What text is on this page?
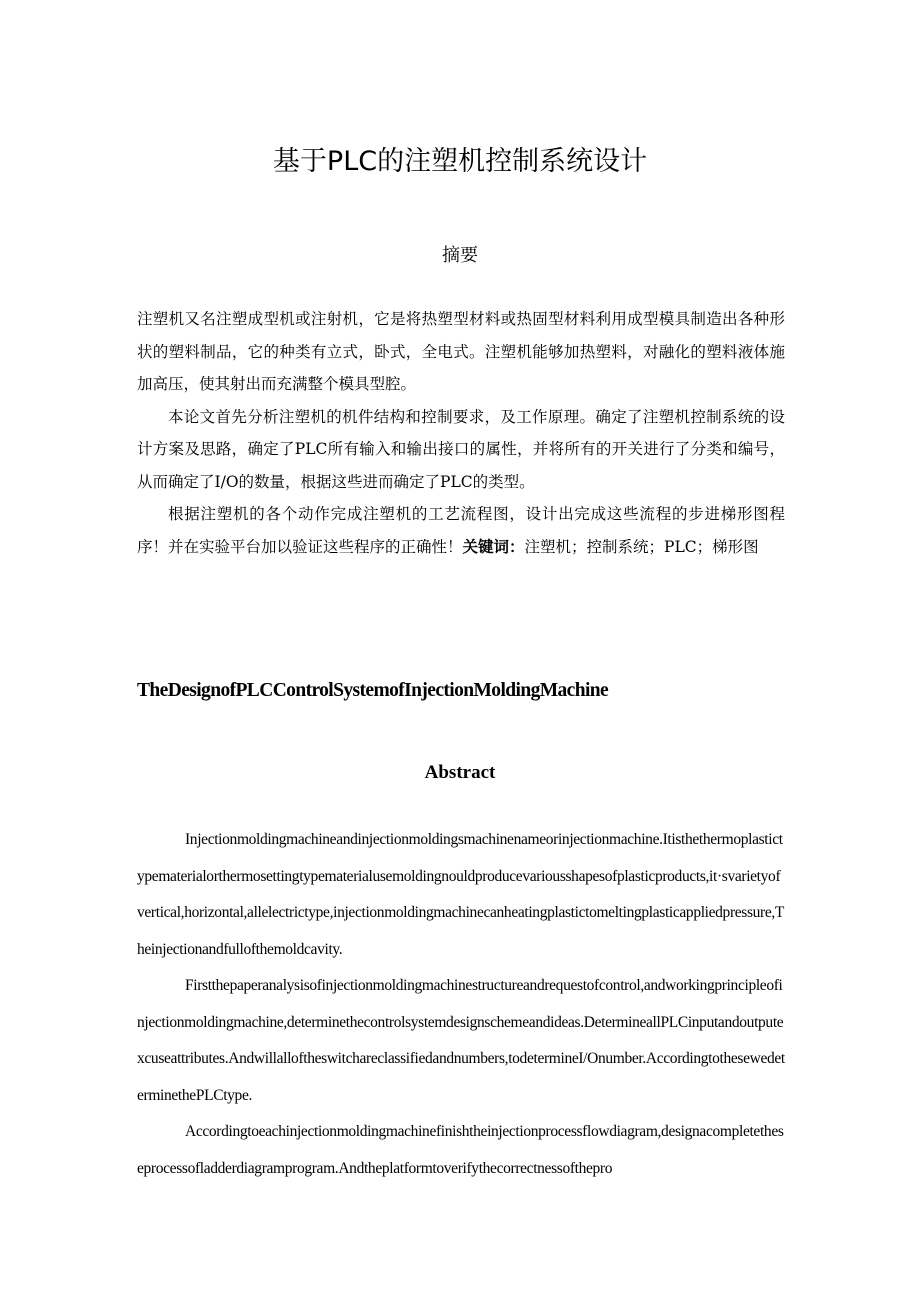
基于PLC的注塑机控制系统设计
摘要

注塑机又名注塑成型机或注射机，它是将热塑型材料或热固型材料利用成型模具制造出各种形状的塑料制品，它的种类有立式，卧式，全电式。注塑机能够加热塑料，对融化的塑料液体施加高压，使其射出而充满整个模具型腔。

本论文首先分析注塑机的机件结构和控制要求，及工作原理。确定了注塑机控制系统的设计方案及思路，确定了PLC所有输入和输出接口的属性，并将所有的开关进行了分类和编号，从而确定了I/O的数量，根据这些进而确定了PLC的类型。

根据注塑机的各个动作完成注塑机的工艺流程图，设计出完成这些流程的步进梯形图程序！并在实验平台加以验证这些程序的正确性！关键词：注塑机；控制系统；PLC；梯形图

TheDesignofPLCControlSystemofInjectionMoldingMachine
Abstract

Injectionmoldingmachineandinjectionmoldingsmachinenameorinjectionmachine.Itisthethermoplastictypematerialorthermosettingtypematerialusemoldingnouldproducevariousshapesofplasticproducts,it·svarietyofvertical,horizontal,allelectrictype,injectionmoldingmachinecanheatingplastictomeltingplasticappliedpressure,Theinjectionandfullofthemoldcavity.

Firstthepaperanalysisofinjectionmoldingmachinestructureandrequestofcontrol,andworkingprincipleofinjectionmoldingmachine,determinethecontrolsystemdesignschemeandideas.DetermineallPLCinputandoutputexcuseattributes.Andwillalloftheswitchareclassifiedandnumbers,todetermineI/Onumber.AccordingtothesewedeterminethePLCtype.

Accordingtoeachinjectionmoldingmachinefinishtheinjectionprocessflowdiagram,designacompletetheseprocessofladderdiagramprogram.Andtheplatformtoverifythecorrectnessofthepro
